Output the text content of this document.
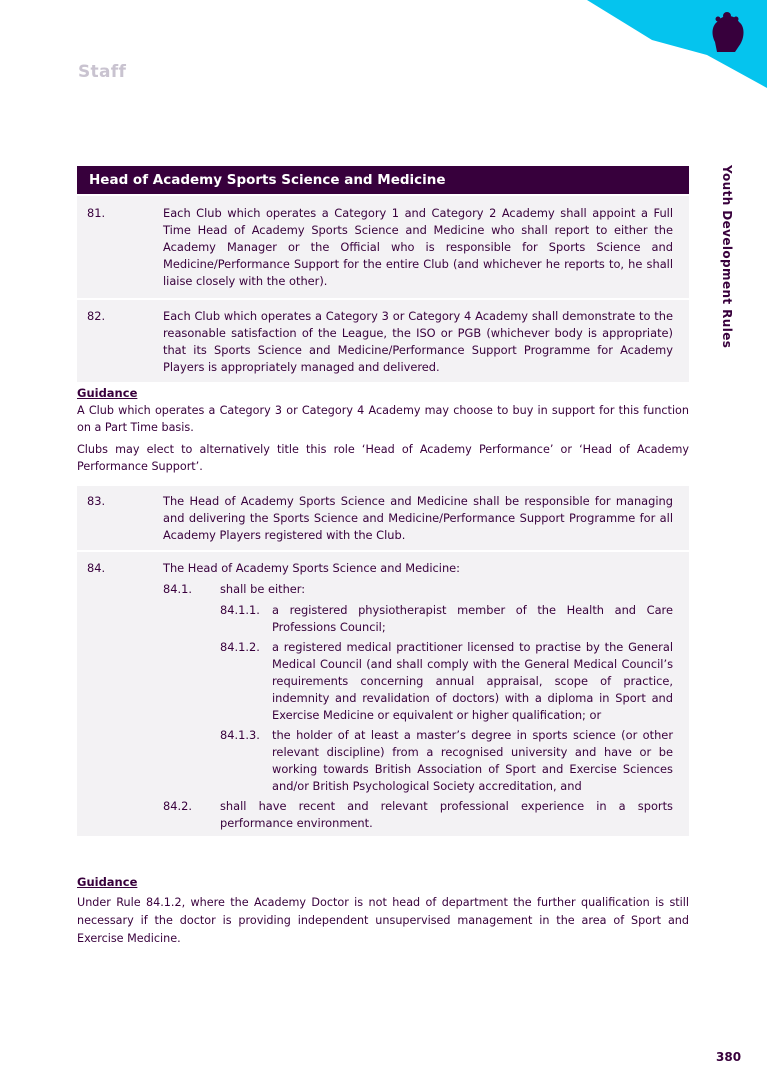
Staff
Youth Development Rules
Head of Academy Sports Science and Medicine
81.	Each Club which operates a Category 1 and Category 2 Academy shall appoint a Full Time Head of Academy Sports Science and Medicine who shall report to either the Academy Manager or the Official who is responsible for Sports Science and Medicine/Performance Support for the entire Club (and whichever he reports to, he shall liaise closely with the other).
82.	Each Club which operates a Category 3 or Category 4 Academy shall demonstrate to the reasonable satisfaction of the League, the ISO or PGB (whichever body is appropriate) that its Sports Science and Medicine/Performance Support Programme for Academy Players is appropriately managed and delivered.
Guidance

A Club which operates a Category 3 or Category 4 Academy may choose to buy in support for this function on a Part Time basis.

Clubs may elect to alternatively title this role ‘Head of Academy Performance’ or ‘Head of Academy Performance Support’.

83.	The Head of Academy Sports Science and Medicine shall be responsible for managing and delivering the Sports Science and Medicine/Performance Support Programme for all Academy Players registered with the Club.
84.	The Head of Academy Sports Science and Medicine:
84.1. shall be either:
84.1.1. a registered physiotherapist member of the Health and Care Professions Council;
84.1.2. a registered medical practitioner licensed to practise by the General Medical Council (and shall comply with the General Medical Council’s requirements concerning annual appraisal, scope of practice, indemnity and revalidation of doctors) with a diploma in Sport and Exercise Medicine or equivalent or higher qualification; or
84.1.3. the holder of at least a master’s degree in sports science (or other relevant discipline) from a recognised university and have or be working towards British Association of Sport and Exercise Sciences and/or British Psychological Society accreditation, and
84.2. shall have recent and relevant professional experience in a sports performance environment.
Guidance

Under Rule 84.1.2, where the Academy Doctor is not head of department the further qualification is still necessary if the doctor is providing independent unsupervised management in the area of Sport and Exercise Medicine.

380
